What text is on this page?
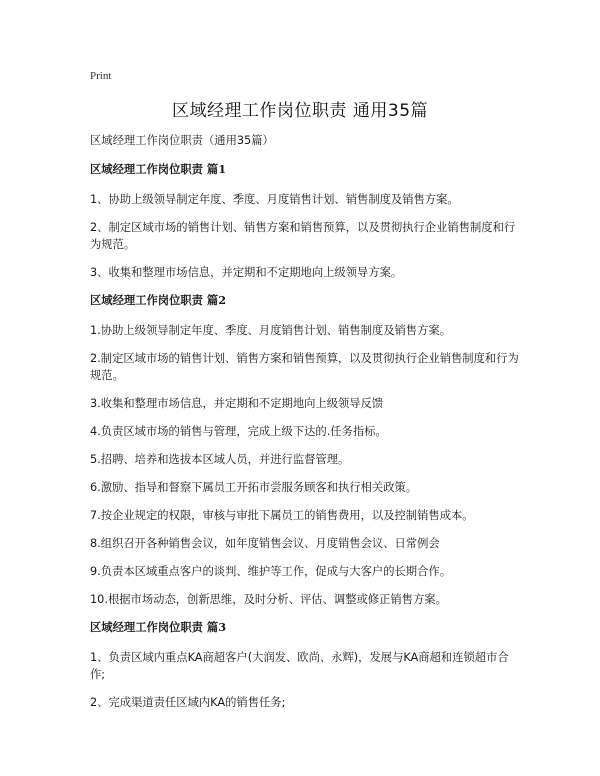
Print
区域经理工作岗位职责 通用35篇

区域经理工作岗位职责（通用35篇）

区域经理工作岗位职责 篇1

1、协助上级领导制定年度、季度、月度销售计划、销售制度及销售方案。

2、制定区域市场的销售计划、销售方案和销售预算，以及贯彻执行企业销售制度和行为规范。

3、收集和整理市场信息，并定期和不定期地向上级领导方案。

区域经理工作岗位职责 篇2

1.协助上级领导制定年度、季度、月度销售计划、销售制度及销售方案。

2.制定区域市场的销售计划、销售方案和销售预算，以及贯彻执行企业销售制度和行为规范。

3.收集和整理市场信息，并定期和不定期地向上级领导反馈

4.负责区域市场的销售与管理，完成上级下达的.任务指标。

5.招聘、培养和选拔本区域人员，并进行监督管理。

6.激励、指导和督察下属员工开拓市尝服务顾客和执行相关政策。

7.按企业规定的权限，审核与审批下属员工的销售费用，以及控制销售成本。

8.组织召开各种销售会议，如年度销售会议、月度销售会议、日常例会

9.负责本区域重点客户的谈判、维护等工作，促成与大客户的长期合作。

10.根据市场动态，创新思维，及时分析、评估、调整或修正销售方案。

区域经理工作岗位职责 篇3

1、负责区域内重点KA商超客户(大润发、欧尚、永辉)，发展与KA商超和连锁超市合作;

2、完成渠道责任区域内KA的销售任务;
